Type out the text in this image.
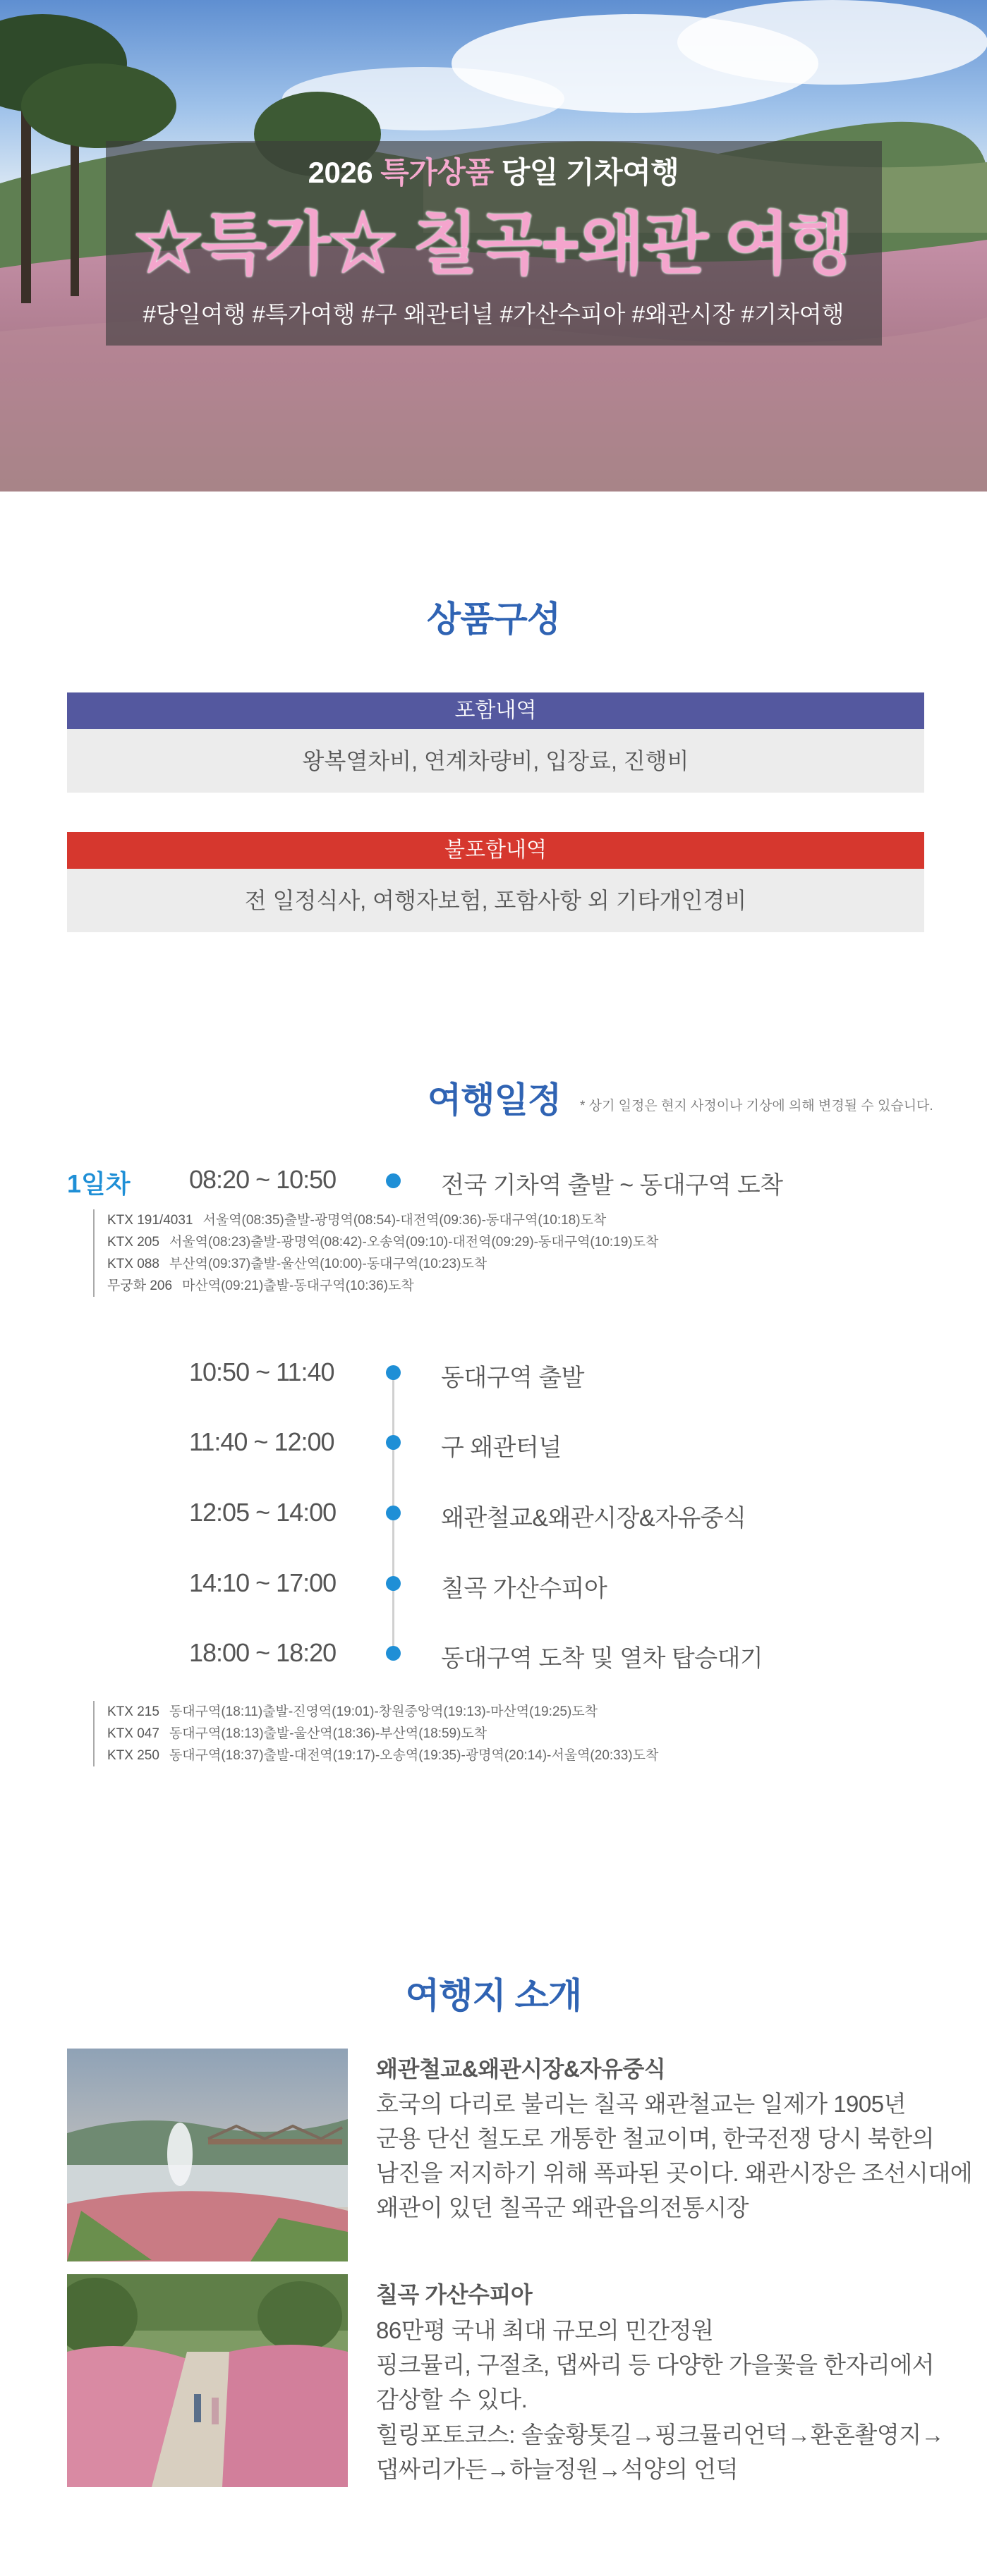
2026 특가상품 당일 기차여행
☆특가☆ 칠곡+왜관 여행
#당일여행 #특가여행 #구 왜관터널 #가산수피아 #왜관시장 #기차여행
상품구성
포함내역
왕복열차비, 연계차량비, 입장료, 진행비
불포함내역
전 일정식사, 여행자보험, 포함사항 외 기타개인경비
여행일정 * 상기 일정은 현지 사정이나 기상에 의해 변경될 수 있습니다.
1일차 08:20 ~ 10:50	전국 기차역 출발 ~ 동대구역 도착
KTX 191/4031 서울역(08:35)출발-광명역(08:54)-대전역(09:36)-동대구역(10:18)도착
KTX 205 서울역(08:23)출발-광명역(08:42)-오송역(09:10)-대전역(09:29)-동대구역(10:19)도착
KTX 088 부산역(09:37)출발-울산역(10:00)-동대구역(10:23)도착
무궁화 206 마산역(09:21)출발-동대구역(10:36)도착
10:50 ~ 11:40	동대구역 출발
11:40 ~ 12:00	구 왜관터널
12:05 ~ 14:00	왜관철교&왜관시장&자유중식
14:10 ~ 17:00	칠곡 가산수피아
18:00 ~ 18:20	동대구역 도착 및 열차 탑승대기
KTX 215 동대구역(18:11)출발-진영역(19:01)-창원중앙역(19:13)-마산역(19:25)도착
KTX 047 동대구역(18:13)출발-울산역(18:36)-부산역(18:59)도착
KTX 250 동대구역(18:37)출발-대전역(19:17)-오송역(19:35)-광명역(20:14)-서울역(20:33)도착
여행지 소개
왜관철교&왜관시장&자유중식
호국의 다리로 불리는 칠곡 왜관철교는 일제가 1905년
군용 단선 철도로 개통한 철교이며, 한국전쟁 당시 북한의
남진을 저지하기 위해 폭파된 곳이다. 왜관시장은 조선시대에
왜관이 있던 칠곡군 왜관읍의전통시장
칠곡 가산수피아
86만평 국내 최대 규모의 민간정원
핑크뮬리, 구절초, 댑싸리 등 다양한 가을꽃을 한자리에서
감상할 수 있다.
힐링포토코스: 솔숲황톳길→핑크뮬리언덕→환혼촬영지→
댑싸리가든→하늘정원→석양의 언덕
